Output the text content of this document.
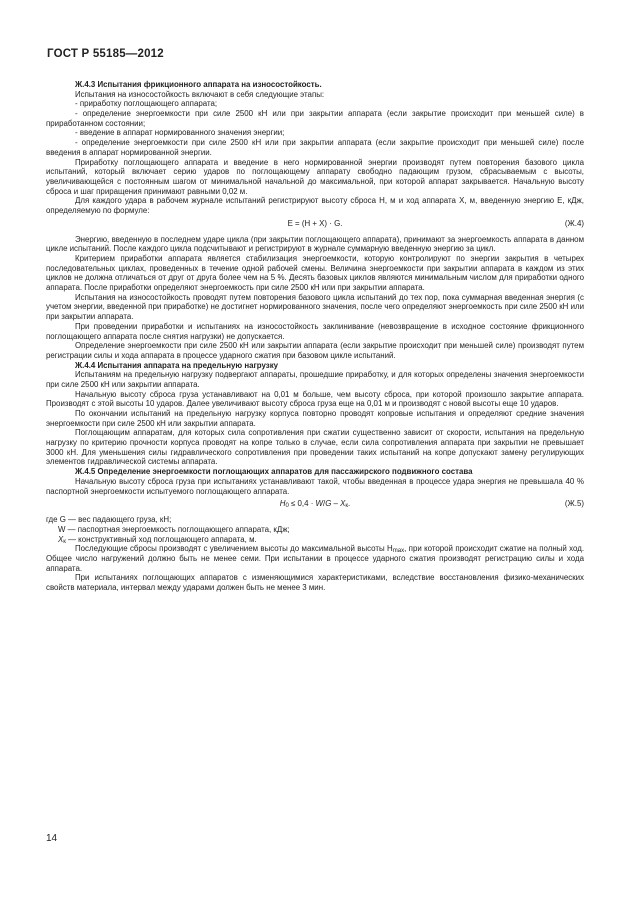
ГОСТ Р 55185—2012

Ж.4.3 Испытания фрикционного аппарата на износостойкость.

Испытания на износостойкость включают в себя следующие этапы:

- приработку поглощающего аппарата;

- определение энергоемкости при силе 2500 кН или при закрытии аппарата (если закрытие происходит при меньшей силе) в приработанном состоянии;

- введение в аппарат нормированного значения энергии;

- определение энергоемкости при силе 2500 кН или при закрытии аппарата (если закрытие происходит при меньшей силе) после введения в аппарат нормированной энергии.

Приработку поглощающего аппарата и введение в него нормированной энергии производят путем повторения базового цикла испытаний, который включает серию ударов по поглощающему аппарату свободно падающим грузом, сбрасываемым с высоты, увеличивающейся с постоянным шагом от минимальной начальной до максимальной, при которой аппарат закрывается. Начальную высоту сброса и шаг приращения принимают равными 0,02 м.

Для каждого удара в рабочем журнале испытаний регистрируют высоту сброса H, м и ход аппарата X, м, введенную энергию E, кДж, определяемую по формуле:

E = (H + X) · G.	(Ж.4)

Энергию, введенную в последнем ударе цикла (при закрытии поглощающего аппарата), принимают за энергоемкость аппарата в данном цикле испытаний. После каждого цикла подсчитывают и регистрируют в журнале суммарную введенную энергию за цикл.

Критерием приработки аппарата является стабилизация энергоемкости, которую контролируют по энергии закрытия в четырех последовательных циклах, проведенных в течение одной рабочей смены. Величина энергоемкости при закрытии аппарата в каждом из этих циклов не должна отличаться от друг от друга более чем на 5 %. Десять базовых циклов являются минимальным числом для приработки одного аппарата. После приработки определяют энергоемкость при силе 2500 кН или при закрытии аппарата.

Испытания на износостойкость проводят путем повторения базового цикла испытаний до тех пор, пока суммарная введенная энергия (с учетом энергии, введенной при приработке) не достигнет нормированного значения, после чего определяют энергоемкость при силе 2500 кН или при закрытии аппарата.

При проведении приработки и испытаниях на износостойкость заклинивание (невозвращение в исходное состояние фрикционного поглощающего аппарата после снятия нагрузки) не допускается.

Определение энергоемкости при силе 2500 кН или закрытии аппарата (если закрытие происходит при меньшей силе) производят путем регистрации силы и хода аппарата в процессе ударного сжатия при базовом цикле испытаний.

Ж.4.4 Испытания аппарата на предельную нагрузку

Испытаниям на предельную нагрузку подвергают аппараты, прошедшие приработку, и для которых определены значения энергоемкости при силе 2500 кН или закрытии аппарата.

Начальную высоту сброса груза устанавливают на 0,01 м больше, чем высоту сброса, при которой произошло закрытие аппарата. Производят с этой высоты 10 ударов. Далее увеличивают высоту сброса груза еще на 0,01 м и производят с новой высоты еще 10 ударов.

По окончании испытаний на предельную нагрузку корпуса повторно проводят копровые испытания и определяют средние значения энергоемкости при силе 2500 кН или закрытии аппарата.

Поглощающим аппаратам, для которых сила сопротивления при сжатии существенно зависит от скорости, испытания на предельную нагрузку по критерию прочности корпуса проводят на копре только в случае, если сила сопротивления аппарата при закрытии не превышает 3000 кН. Для уменьшения силы гидравлического сопротивления при проведении таких испытаний на копре допускают замену регулирующих элементов гидравлической системы аппарата.

Ж.4.5 Определение энергоемкости поглощающих аппаратов для пассажирского подвижного состава

Начальную высоту сброса груза при испытаниях устанавливают такой, чтобы введенная в процессе удара энергия не превышала 40 % паспортной энергоемкости испытуемого поглощающего аппарата.

$H_0 \le 0,4 \cdot W/G - X_к$.	(Ж.5)

где G — вес падающего груза, кН;

W — паспортная энергоемкость поглощающего аппарата, кДж;

$X_к$ — конструктивный ход поглощающего аппарата, м.

Последующие сбросы производят с увеличением высоты до максимальной высоты $H_{max}$, при которой происходит сжатие на полный ход. Общее число нагружений должно быть не менее семи. При испытании в процессе ударного сжатия производят регистрацию силы и хода аппарата.

При испытаниях поглощающих аппаратов с изменяющимися характеристиками, вследствие восстановления физико-механических свойств материала, интервал между ударами должен быть не менее 3 мин.

14
